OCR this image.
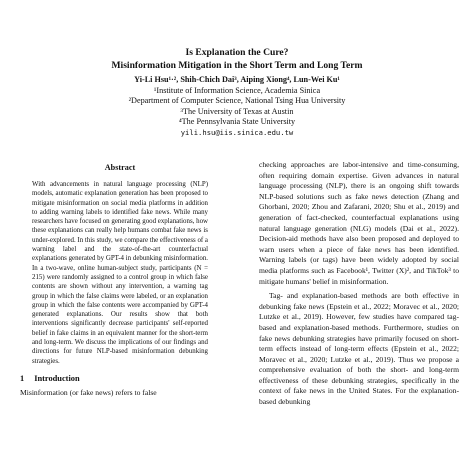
Is Explanation the Cure?
Misinformation Mitigation in the Short Term and Long Term
Yi-Li Hsu¹·², Shih-Chich Dai³, Aiping Xiong⁴, Lun-Wei Ku¹
¹Institute of Information Science, Academia Sinica
²Department of Computer Science, National Tsing Hua University
³The University of Texas at Austin
⁴The Pennsylvania State University
yili.hsu@iis.sinica.edu.tw
Abstract
With advancements in natural language processing (NLP) models, automatic explanation generation has been proposed to mitigate misinformation on social media platforms in addition to adding warning labels to identified fake news. While many researchers have focused on generating good explanations, how these explanations can really help humans combat fake news is under-explored. In this study, we compare the effectiveness of a warning label and the state-of-the-art counterfactual explanations generated by GPT-4 in debunking misinformation. In a two-wave, online human-subject study, participants (N = 215) were randomly assigned to a control group in which false contents are shown without any intervention, a warning tag group in which the false claims were labeled, or an explanation group in which the false contents were accompanied by GPT-4 generated explanations. Our results show that both interventions significantly decrease participants' self-reported belief in fake claims in an equivalent manner for the short-term and long-term. We discuss the implications of our findings and directions for future NLP-based misinformation debunking strategies.
1 Introduction

Misinformation (or fake news) refers to false

checking approaches are labor-intensive and time-consuming, often requiring domain expertise. Given advances in natural language processing (NLP), there is an ongoing shift towards NLP-based solutions such as fake news detection (Zhang and Ghorbani, 2020; Zhou and Zafarani, 2020; Shu et al., 2019) and generation of fact-checked, counterfactual explanations using natural language generation (NLG) models (Dai et al., 2022). Decision-aid methods have also been proposed and deployed to warn users when a piece of fake news has been identified. Warning labels (or tags) have been widely adopted by social media platforms such as Facebook¹, Twitter (X)², and TikTok³ to mitigate humans' belief in misinformation.

Tag- and explanation-based methods are both effective in debunking fake news (Epstein et al., 2022; Moravec et al., 2020; Lutzke et al., 2019). However, few studies have compared tag-based and explanation-based methods. Furthermore, studies on fake news debunking strategies have primarily focused on short-term effects instead of long-term effects (Epstein et al., 2022; Moravec et al., 2020; Lutzke et al., 2019). Thus we propose a comprehensive evaluation of both the short- and long-term effectiveness of these debunking strategies, specifically in the context of fake news in the United States. For the explanation-based debunking
